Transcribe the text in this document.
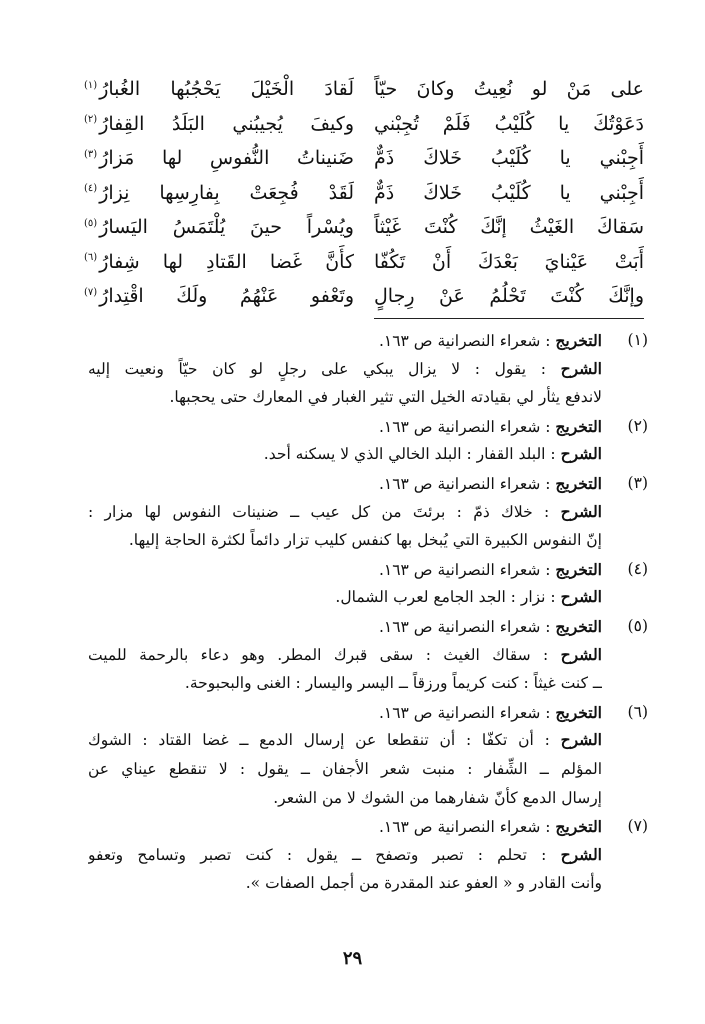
على مَنْ لو نُعِيتُ وكانَ حيّاً
لَقادَ الْخَيْلَ يَحْجُبُها الغُبارُ$^{(١)}$
دَعَوْتُكَ يا كُلَيْبُ فَلَمْ تُجِبْني
وكيفَ يُجيبُني البَلَدُ القِفارُ$^{(٢)}$
أَجِبْني يا كُلَيْبُ خَلاكَ ذَمٌّ
ضَنيناتُ النُّفوسِ لها مَزارُ$^{(٣)}$
أَجِبْني يا كُلَيْبُ خَلاكَ ذَمٌّ
لَقَدْ فُجِعَتْ بِفارِسِها نِزارُ$^{(٤)}$
سَقاكَ الغَيْثُ إنَّكَ كُنْتَ غَيْثاً
ويُسْراً حينَ يُلْتَمَسُ اليَسارُ$^{(٥)}$
أَبَتْ عَيْنايَ بَعْدَكَ أَنْ تَكُفّا
كأَنَّ غَضا القَتادِ لها شِفارُ$^{(٦)}$
وإنَّكَ كُنْتَ تَحْلُمُ عَنْ رِجالٍ
وتَعْفو عَنْهُمُ ولَكَ اقْتِدارُ$^{(٧)}$
(١)
التخريج : شعراء النصرانية ص ١٦٣.
الشرح : يقول : لا يزال يبكي على رجلٍ لو كان حيّاً ونعيت إليه
لاندفع يثأر لي بقيادته الخيل التي تثير الغبار في المعارك حتى يحجبها.
(٢)
التخريج : شعراء النصرانية ص ١٦٣.
الشرح : البلد القفار : البلد الخالي الذي لا يسكنه أحد.
(٣)
التخريج : شعراء النصرانية ص ١٦٣.
الشرح : خلاك ذمّ : برئتَ من كل عيب ــ ضنينات النفوس لها مزار :
إنّ النفوس الكبيرة التي يُبخل بها كنفس كليب تزار دائماً لكثرة الحاجة إليها.
(٤)
التخريج : شعراء النصرانية ص ١٦٣.
الشرح : نزار : الجد الجامع لعرب الشمال.
(٥)
التخريج : شعراء النصرانية ص ١٦٣.
الشرح : سقاك الغيث : سقى قبرك المطر. وهو دعاء بالرحمة للميت
ــ كنت غيثاً : كنت كريماً ورزقاً ــ اليسر واليسار : الغنى والبحبوحة.
(٦)
التخريج : شعراء النصرانية ص ١٦٣.
الشرح : أن تكفّا : أن تنقطعا عن إرسال الدمع ــ غضا القتاد : الشوك
المؤلم ــ الشِّفار : منبت شعر الأجفان ــ يقول : لا تنقطع عيناي عن
إرسال الدمع كأنّ شفارهما من الشوك لا من الشعر.
(٧)
التخريج : شعراء النصرانية ص ١٦٣.
الشرح : تحلم : تصبر وتصفح ــ يقول : كنت تصبر وتسامح وتعفو
وأنت القادر و « العفو عند المقدرة من أجمل الصفات ».
٢٩
